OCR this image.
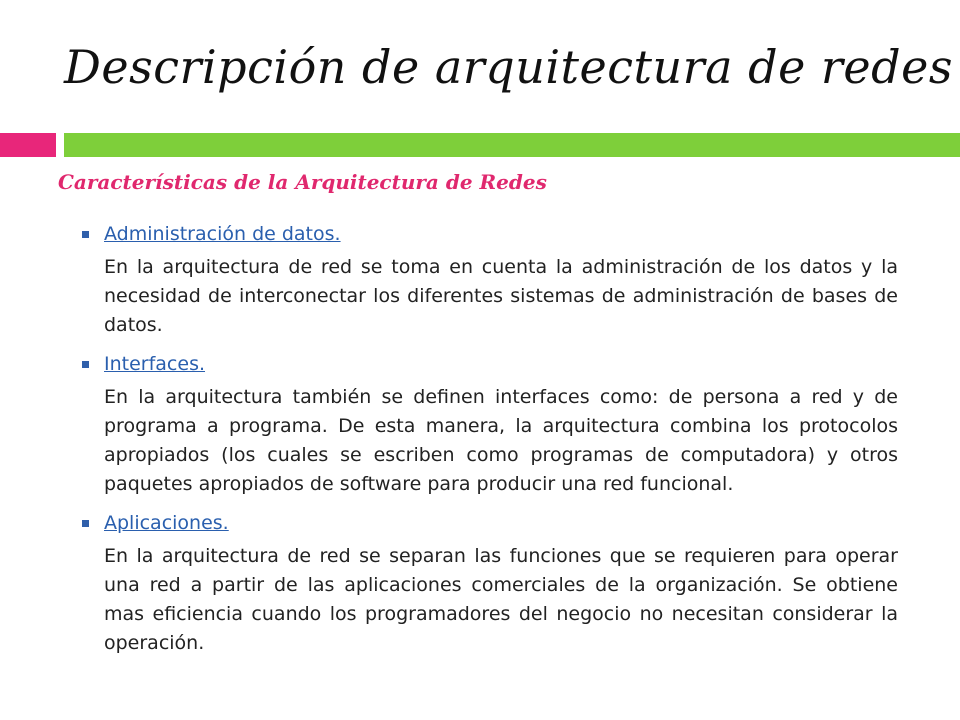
Descripción de arquitectura de redes
Características de la Arquitectura de Redes
Administración de datos.
En la arquitectura de red se toma en cuenta la administración de los datos y la necesidad de interconectar los diferentes sistemas de administración de bases de datos.
Interfaces.
En la arquitectura también se definen interfaces como: de persona a red y de programa a programa. De esta manera, la arquitectura combina los protocolos apropiados (los cuales se escriben como programas de computadora) y otros paquetes apropiados de software para producir una red funcional.
Aplicaciones.
En la arquitectura de red se separan las funciones que se requieren para operar una red a partir de las aplicaciones comerciales de la organización. Se obtiene mas eficiencia cuando los programadores del negocio no necesitan considerar la operación.
